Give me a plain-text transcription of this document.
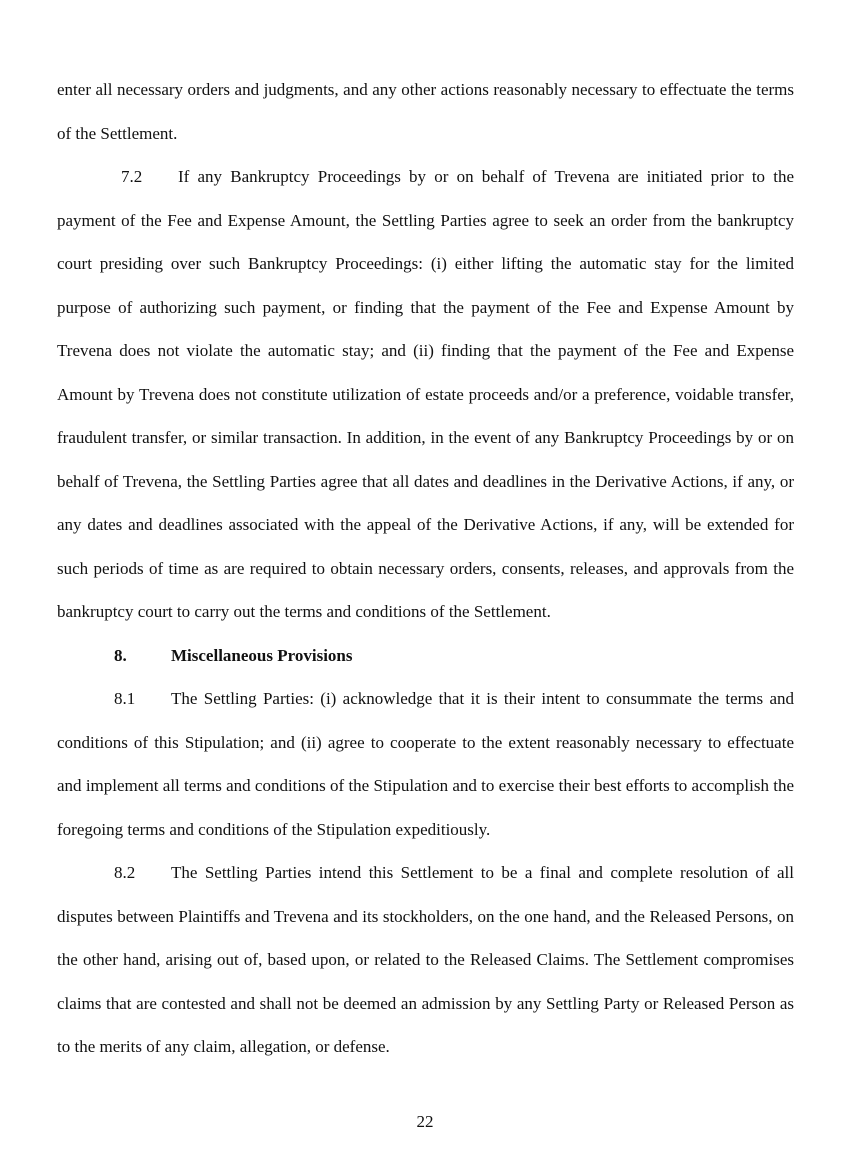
enter all necessary orders and judgments, and any other actions reasonably necessary to effectuate the terms of the Settlement.

7.2 If any Bankruptcy Proceedings by or on behalf of Trevena are initiated prior to the payment of the Fee and Expense Amount, the Settling Parties agree to seek an order from the bankruptcy court presiding over such Bankruptcy Proceedings: (i) either lifting the automatic stay for the limited purpose of authorizing such payment, or finding that the payment of the Fee and Expense Amount by Trevena does not violate the automatic stay; and (ii) finding that the payment of the Fee and Expense Amount by Trevena does not constitute utilization of estate proceeds and/or a preference, voidable transfer, fraudulent transfer, or similar transaction. In addition, in the event of any Bankruptcy Proceedings by or on behalf of Trevena, the Settling Parties agree that all dates and deadlines in the Derivative Actions, if any, or any dates and deadlines associated with the appeal of the Derivative Actions, if any, will be extended for such periods of time as are required to obtain necessary orders, consents, releases, and approvals from the bankruptcy court to carry out the terms and conditions of the Settlement.

8.	Miscellaneous Provisions

8.1 The Settling Parties: (i) acknowledge that it is their intent to consummate the terms and conditions of this Stipulation; and (ii) agree to cooperate to the extent reasonably necessary to effectuate and implement all terms and conditions of the Stipulation and to exercise their best efforts to accomplish the foregoing terms and conditions of the Stipulation expeditiously.

8.2 The Settling Parties intend this Settlement to be a final and complete resolution of all disputes between Plaintiffs and Trevena and its stockholders, on the one hand, and the Released Persons, on the other hand, arising out of, based upon, or related to the Released Claims. The Settlement compromises claims that are contested and shall not be deemed an admission by any Settling Party or Released Person as to the merits of any claim, allegation, or defense.

22
